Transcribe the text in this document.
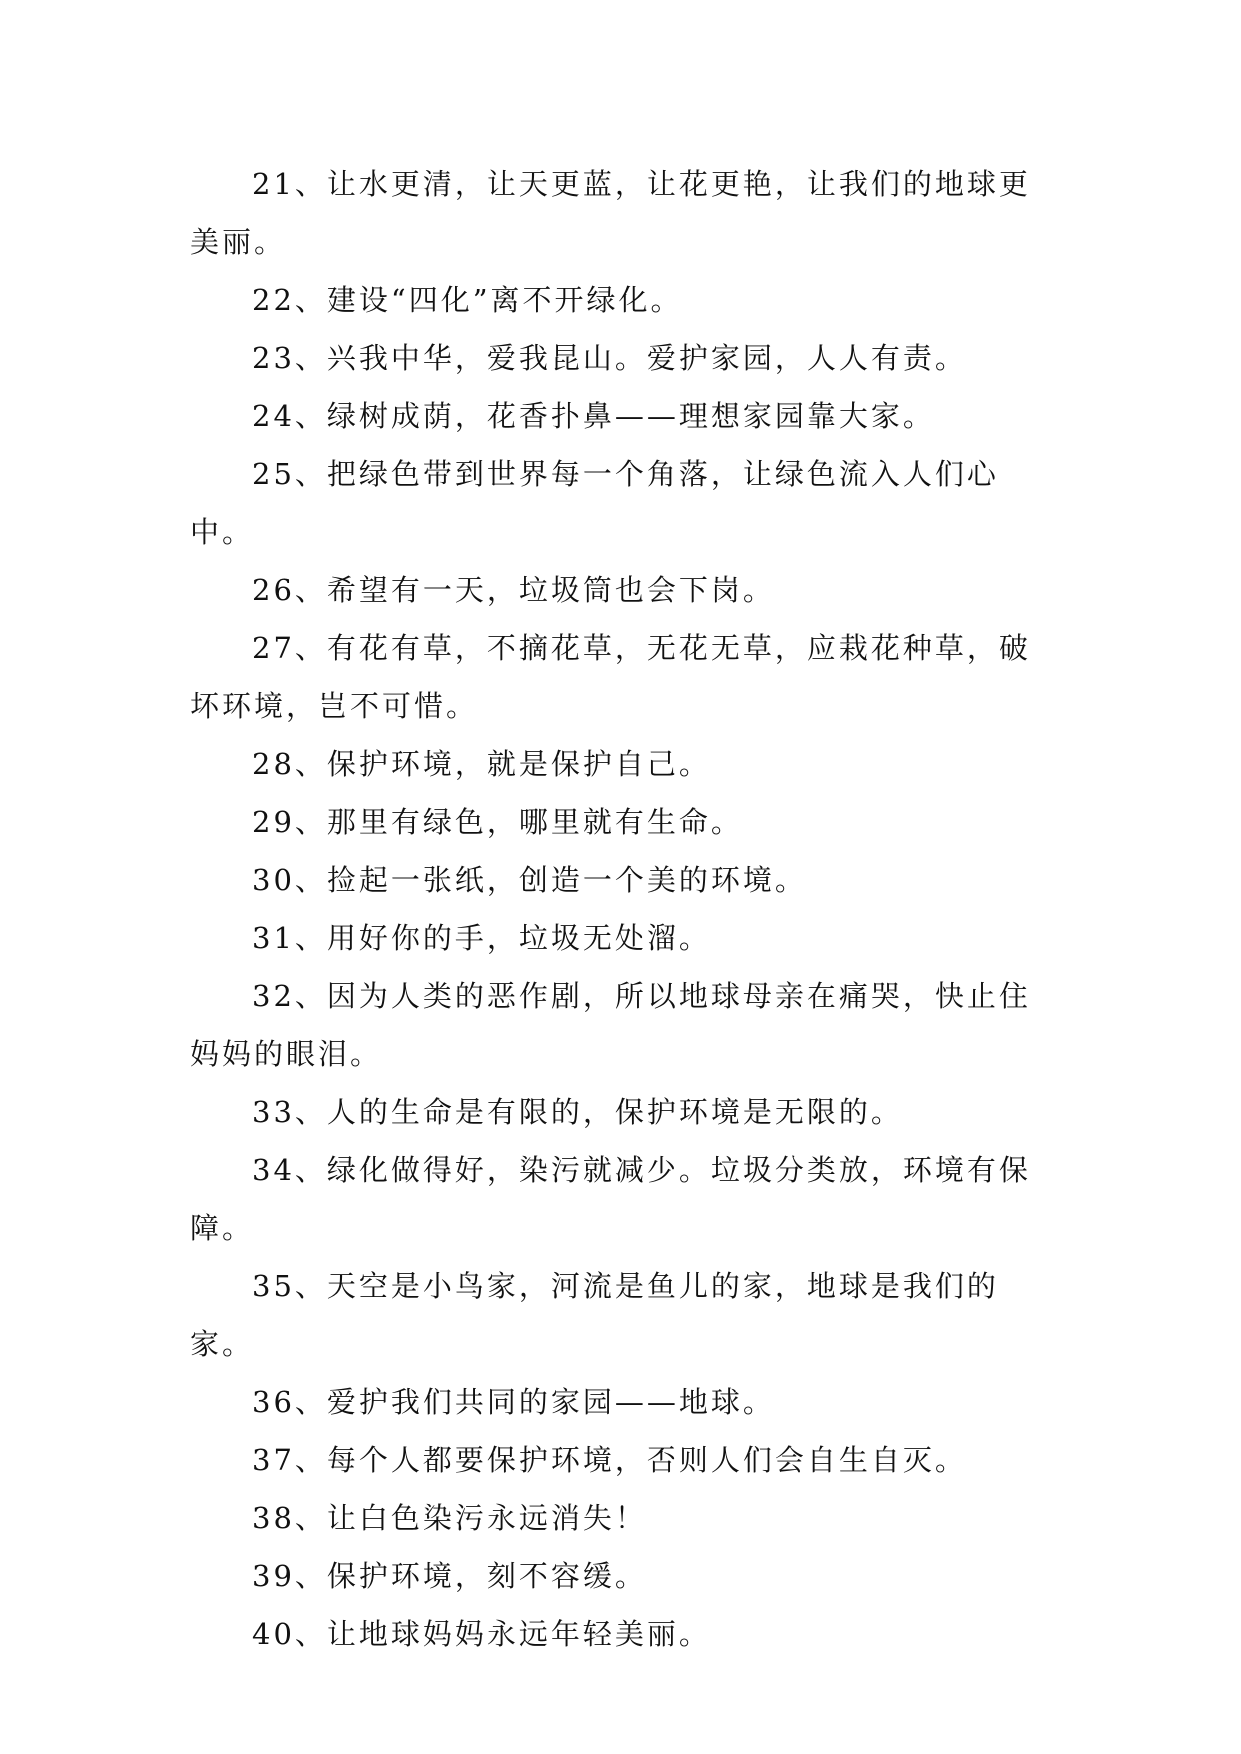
21、让水更清，让天更蓝，让花更艳，让我们的地球更美丽。

22、建设“四化”离不开绿化。

23、兴我中华，爱我昆山。爱护家园，人人有责。

24、绿树成荫，花香扑鼻——理想家园靠大家。

25、把绿色带到世界每一个角落，让绿色流入人们心中。

26、希望有一天，垃圾筒也会下岗。

27、有花有草，不摘花草，无花无草，应栽花种草，破坏环境，岂不可惜。

28、保护环境，就是保护自己。

29、那里有绿色，哪里就有生命。

30、捡起一张纸，创造一个美的环境。

31、用好你的手，垃圾无处溜。

32、因为人类的恶作剧，所以地球母亲在痛哭，快止住妈妈的眼泪。

33、人的生命是有限的，保护环境是无限的。

34、绿化做得好，染污就减少。垃圾分类放，环境有保障。

35、天空是小鸟家，河流是鱼儿的家，地球是我们的家。

36、爱护我们共同的家园——地球。

37、每个人都要保护环境，否则人们会自生自灭。

38、让白色染污永远消失！

39、保护环境，刻不容缓。

40、让地球妈妈永远年轻美丽。
